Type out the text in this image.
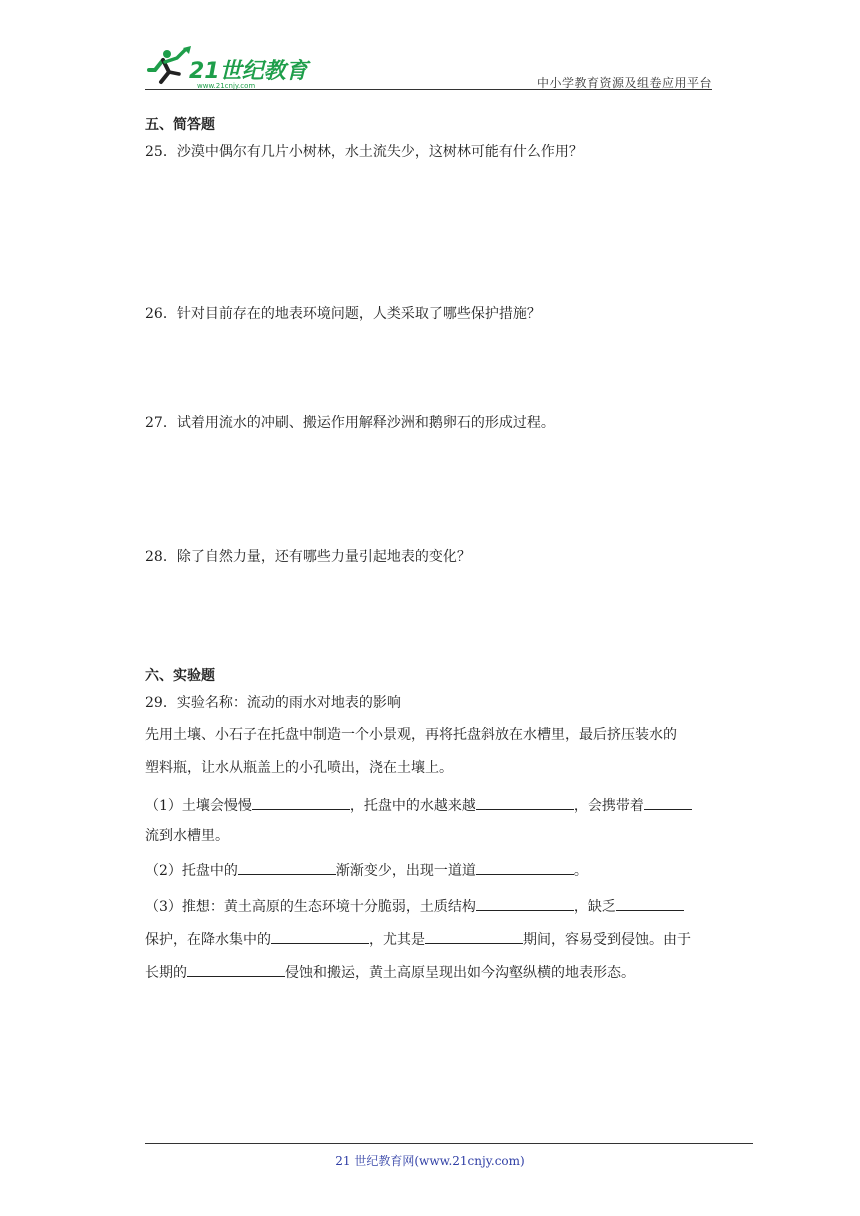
21世纪教育
www.21cnjy.com	中小学教育资源及组卷应用平台
五、简答题
25．沙漠中偶尔有几片小树林，水土流失少，这树林可能有什么作用？
26．针对目前存在的地表环境问题，人类采取了哪些保护措施？
27．试着用流水的冲刷、搬运作用解释沙洲和鹅卵石的形成过程。
28．除了自然力量，还有哪些力量引起地表的变化？
六、实验题
29．实验名称：流动的雨水对地表的影响
先用土壤、小石子在托盘中制造一个小景观，再将托盘斜放在水槽里，最后挤压装水的
塑料瓶，让水从瓶盖上的小孔喷出，浇在土壤上。
（1）土壤会慢慢	，托盘中的水越来越	，会携带着
流到水槽里。
（2）托盘中的	渐渐变少，出现一道道	。
（3）推想：黄土高原的生态环境十分脆弱，土质结构	，缺乏
保护，在降水集中的	，尤其是	期间，容易受到侵蚀。由于
长期的	侵蚀和搬运，黄土高原呈现出如今沟壑纵横的地表形态。
21 世纪教育网(www.21cnjy.com)
